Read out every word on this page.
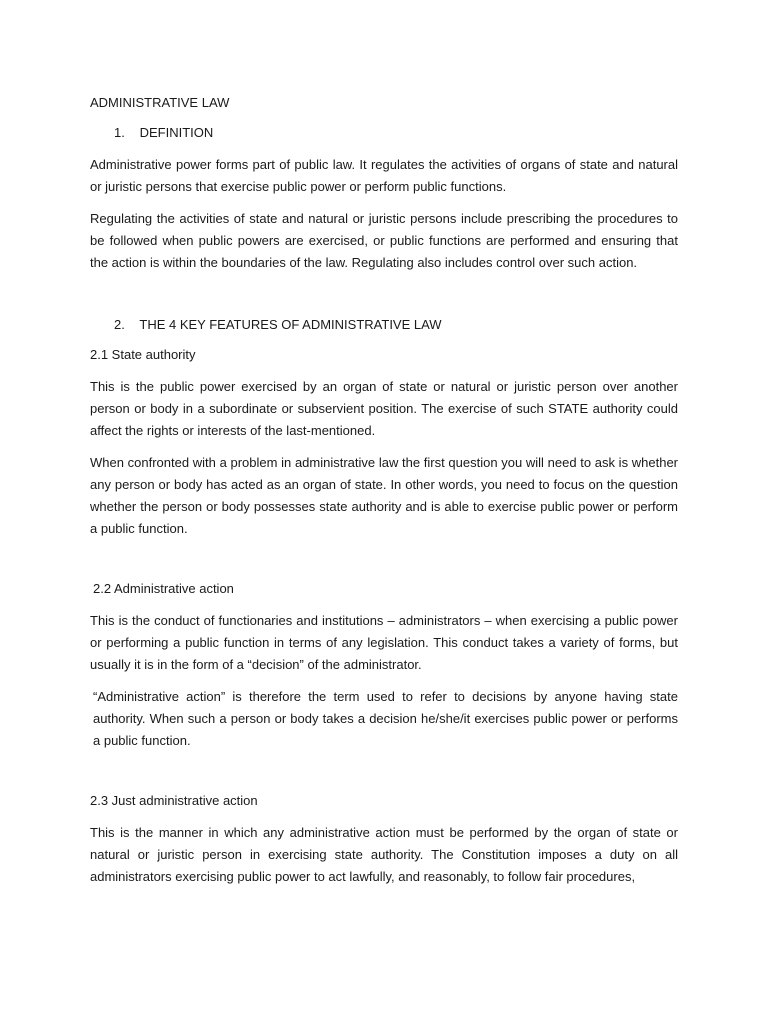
ADMINISTRATIVE LAW
1. DEFINITION

Administrative power forms part of public law. It regulates the activities of organs of state and natural or juristic persons that exercise public power or perform public functions.

Regulating the activities of state and natural or juristic persons include prescribing the procedures to be followed when public powers are exercised, or public functions are performed and ensuring that the action is within the boundaries of the law. Regulating also includes control over such action.

2. THE 4 KEY FEATURES OF ADMINISTRATIVE LAW
2.1 State authority

This is the public power exercised by an organ of state or natural or juristic person over another person or body in a subordinate or subservient position. The exercise of such STATE authority could affect the rights or interests of the last-mentioned.

When confronted with a problem in administrative law the first question you will need to ask is whether any person or body has acted as an organ of state. In other words, you need to focus on the question whether the person or body possesses state authority and is able to exercise public power or perform a public function.

2.2 Administrative action

This is the conduct of functionaries and institutions – administrators – when exercising a public power or performing a public function in terms of any legislation. This conduct takes a variety of forms, but usually it is in the form of a “decision” of the administrator.

“Administrative action” is therefore the term used to refer to decisions by anyone having state authority. When such a person or body takes a decision he/she/it exercises public power or performs a public function.

2.3 Just administrative action

This is the manner in which any administrative action must be performed by the organ of state or natural or juristic person in exercising state authority. The Constitution imposes a duty on all administrators exercising public power to act lawfully, and reasonably, to follow fair procedures,
